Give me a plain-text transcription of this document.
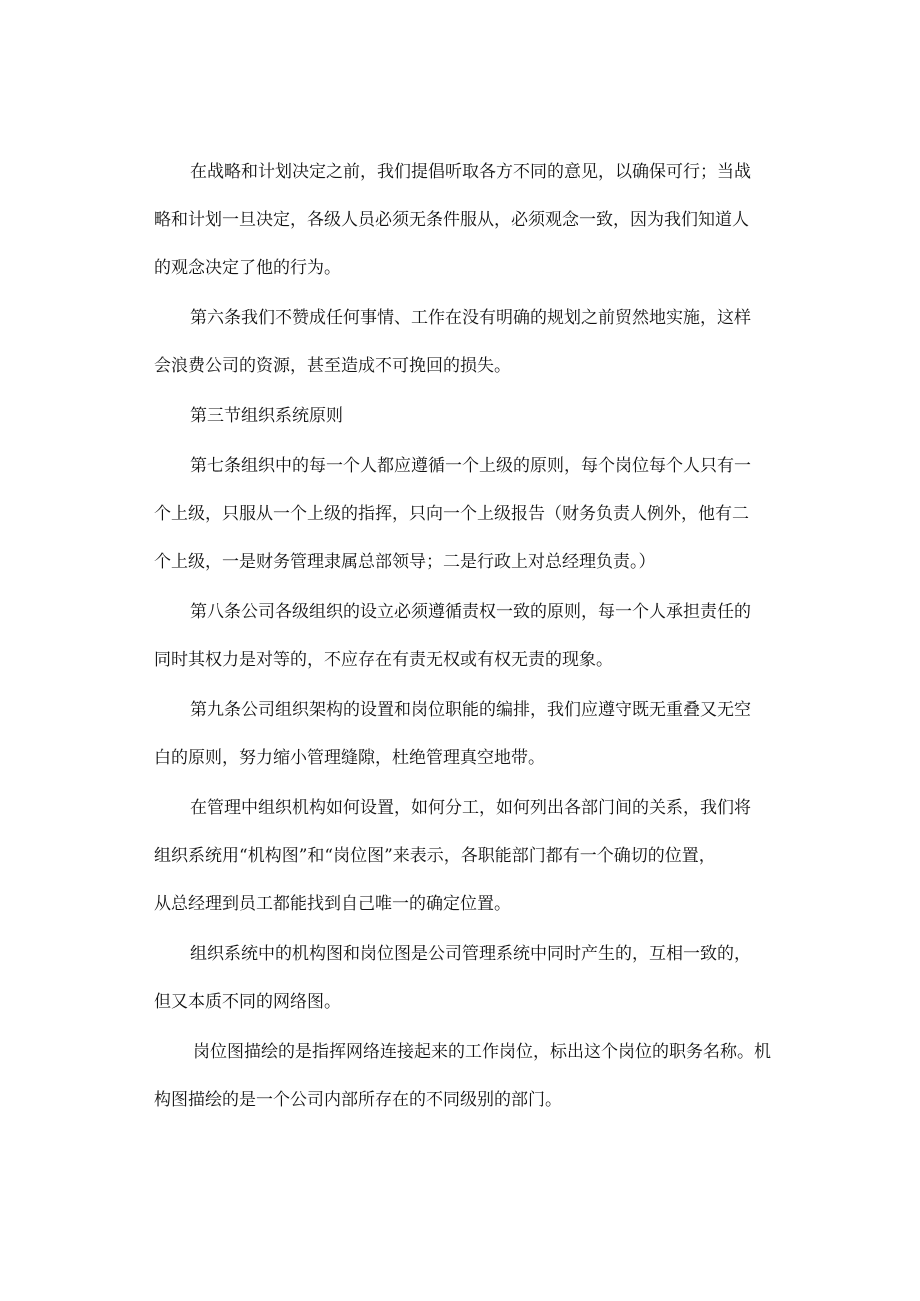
在战略和计划决定之前，我们提倡听取各方不同的意见，以确保可行；当战
略和计划一旦决定，各级人员必须无条件服从，必须观念一致，因为我们知道人
的观念决定了他的行为。
第六条我们不赞成任何事情、工作在没有明确的规划之前贸然地实施，这样
会浪费公司的资源，甚至造成不可挽回的损失。
第三节组织系统原则
第七条组织中的每一个人都应遵循一个上级的原则，每个岗位每个人只有一
个上级，只服从一个上级的指挥，只向一个上级报告（财务负责人例外，他有二
个上级，一是财务管理隶属总部领导；二是行政上对总经理负责。）
第八条公司各级组织的设立必须遵循责权一致的原则，每一个人承担责任的
同时其权力是对等的，不应存在有责无权或有权无责的现象。
第九条公司组织架构的设置和岗位职能的编排，我们应遵守既无重叠又无空
白的原则，努力缩小管理缝隙，杜绝管理真空地带。
在管理中组织机构如何设置，如何分工，如何列出各部门间的关系，我们将
组织系统用“机构图”和“岗位图”来表示，各职能部门都有一个确切的位置，
从总经理到员工都能找到自己唯一的确定位置。
组织系统中的机构图和岗位图是公司管理系统中同时产生的，互相一致的，
但又本质不同的网络图。
岗位图描绘的是指挥网络连接起来的工作岗位，标出这个岗位的职务名称。机
构图描绘的是一个公司内部所存在的不同级别的部门。
